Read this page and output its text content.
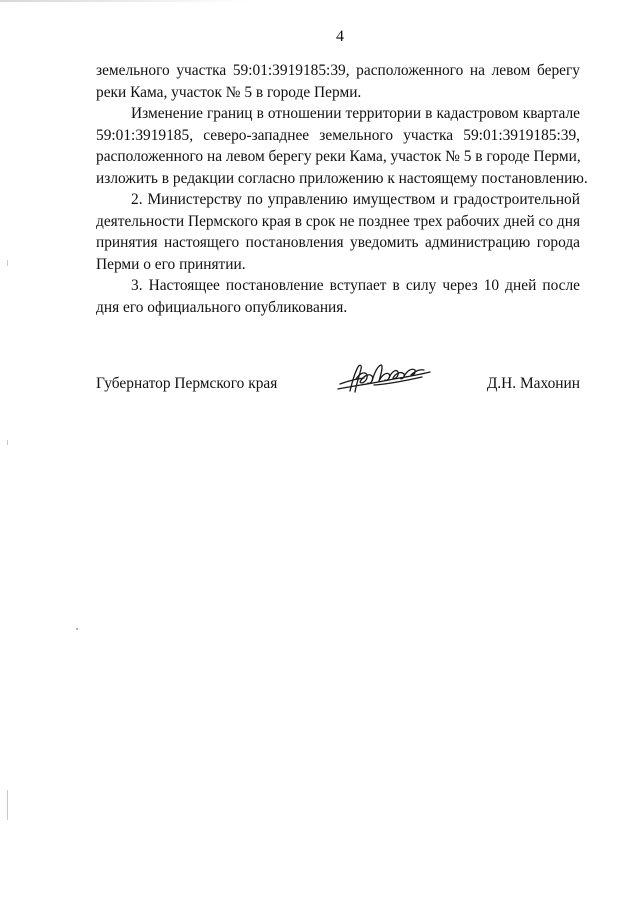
4

земельного участка 59:01:3919185:39, расположенного на левом берегу
реки Кама, участок № 5 в городе Перми.

Изменение границ в отношении территории в кадастровом квартале
59:01:3919185, северо-западнее земельного участка 59:01:3919185:39,
расположенного на левом берегу реки Кама, участок № 5 в городе Перми,
изложить в редакции согласно приложению к настоящему постановлению.

2. Министерству по управлению имуществом и градостроительной
деятельности Пермского края в срок не позднее трех рабочих дней со дня
принятия настоящего постановления уведомить администрацию города
Перми о его принятии.

3. Настоящее постановление вступает в силу через 10 дней после
дня его официального опубликования.

Губернатор Пермского края	Д.Н. Махонин
